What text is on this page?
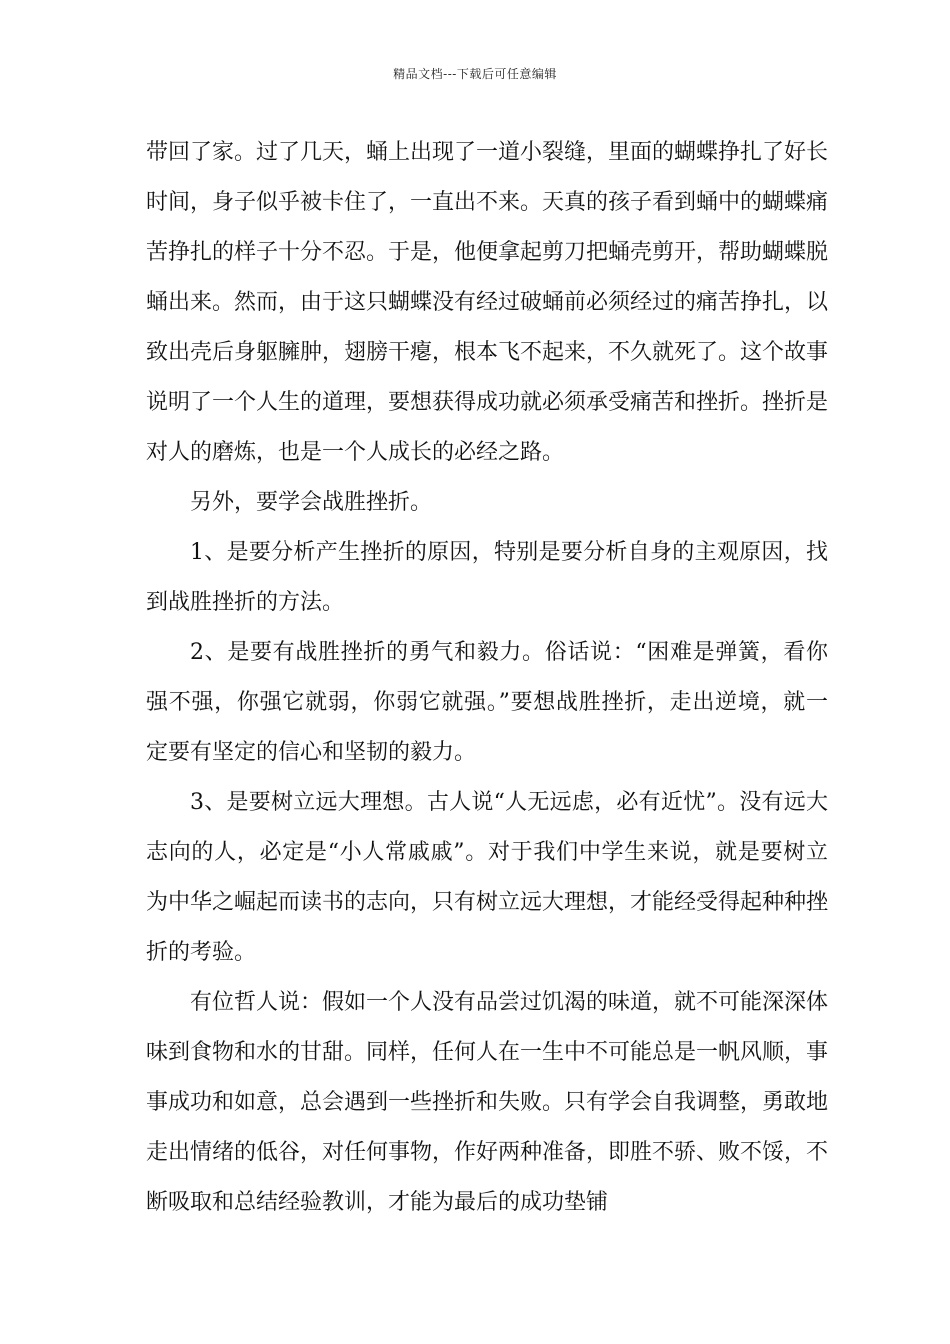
精品文档---下载后可任意编辑

带回了家。过了几天，蛹上出现了一道小裂缝，里面的蝴蝶挣扎了好长时间，身子似乎被卡住了，一直出不来。天真的孩子看到蛹中的蝴蝶痛苦挣扎的样子十分不忍。于是，他便拿起剪刀把蛹壳剪开，帮助蝴蝶脱蛹出来。然而，由于这只蝴蝶没有经过破蛹前必须经过的痛苦挣扎，以致出壳后身躯臃肿，翅膀干瘪，根本飞不起来，不久就死了。这个故事说明了一个人生的道理，要想获得成功就必须承受痛苦和挫折。挫折是对人的磨炼，也是一个人成长的必经之路。

另外，要学会战胜挫折。

1、是要分析产生挫折的原因，特别是要分析自身的主观原因，找到战胜挫折的方法。

2、是要有战胜挫折的勇气和毅力。俗话说：“困难是弹簧，看你强不强，你强它就弱，你弱它就强。”要想战胜挫折，走出逆境，就一定要有坚定的信心和坚韧的毅力。

3、是要树立远大理想。古人说“人无远虑，必有近忧”。没有远大志向的人，必定是“小人常戚戚”。对于我们中学生来说，就是要树立为中华之崛起而读书的志向，只有树立远大理想，才能经受得起种种挫折的考验。

有位哲人说：假如一个人没有品尝过饥渴的味道，就不可能深深体味到食物和水的甘甜。同样，任何人在一生中不可能总是一帆风顺，事事成功和如意，总会遇到一些挫折和失败。只有学会自我调整，勇敢地走出情绪的低谷，对任何事物，作好两种准备，即胜不骄、败不馁，不断吸取和总结经验教训，才能为最后的成功垫铺
